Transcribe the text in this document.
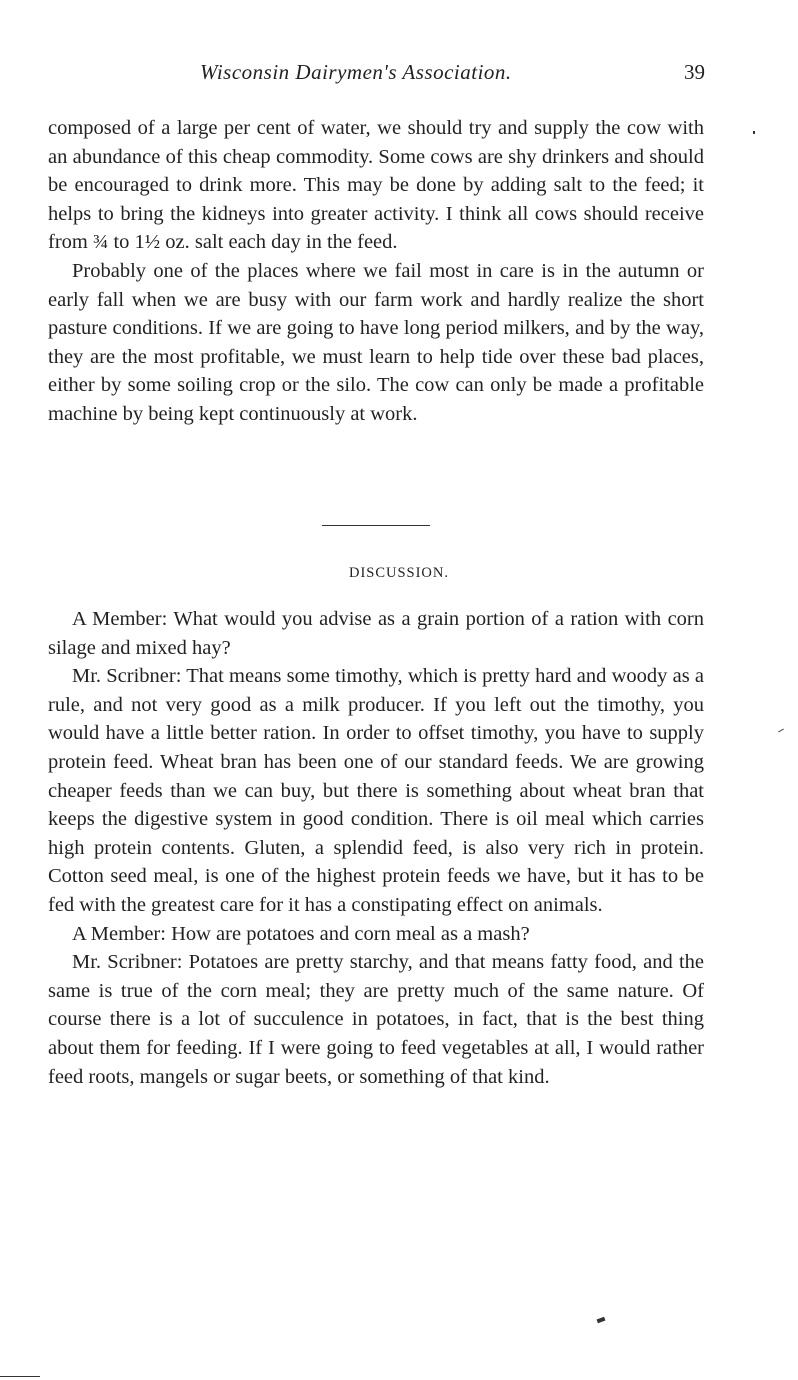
Wisconsin Dairymen's Association.	39

composed of a large per cent of water, we should try and supply the cow with an abundance of this cheap commodity. Some cows are shy drinkers and should be encouraged to drink more. This may be done by adding salt to the feed; it helps to bring the kidneys into greater activity. I think all cows should receive from ¾ to 1½ oz. salt each day in the feed.

Probably one of the places where we fail most in care is in the autumn or early fall when we are busy with our farm work and hardly realize the short pasture conditions. If we are going to have long period milkers, and by the way, they are the most profitable, we must learn to help tide over these bad places, either by some soiling crop or the silo. The cow can only be made a profitable machine by being kept continuously at work.

DISCUSSION.

A Member: What would you advise as a grain portion of a ration with corn silage and mixed hay?

Mr. Scribner: That means some timothy, which is pretty hard and woody as a rule, and not very good as a milk producer. If you left out the timothy, you would have a little better ration. In order to offset timothy, you have to supply protein feed. Wheat bran has been one of our standard feeds. We are growing cheaper feeds than we can buy, but there is something about wheat bran that keeps the digestive system in good condition. There is oil meal which carries high protein contents. Gluten, a splendid feed, is also very rich in protein. Cotton seed meal, is one of the highest protein feeds we have, but it has to be fed with the greatest care for it has a constipating effect on animals.

A Member: How are potatoes and corn meal as a mash?

Mr. Scribner: Potatoes are pretty starchy, and that means fatty food, and the same is true of the corn meal; they are pretty much of the same nature. Of course there is a lot of succulence in potatoes, in fact, that is the best thing about them for feeding. If I were going to feed vegetables at all, I would rather feed roots, mangels or sugar beets, or something of that kind.
